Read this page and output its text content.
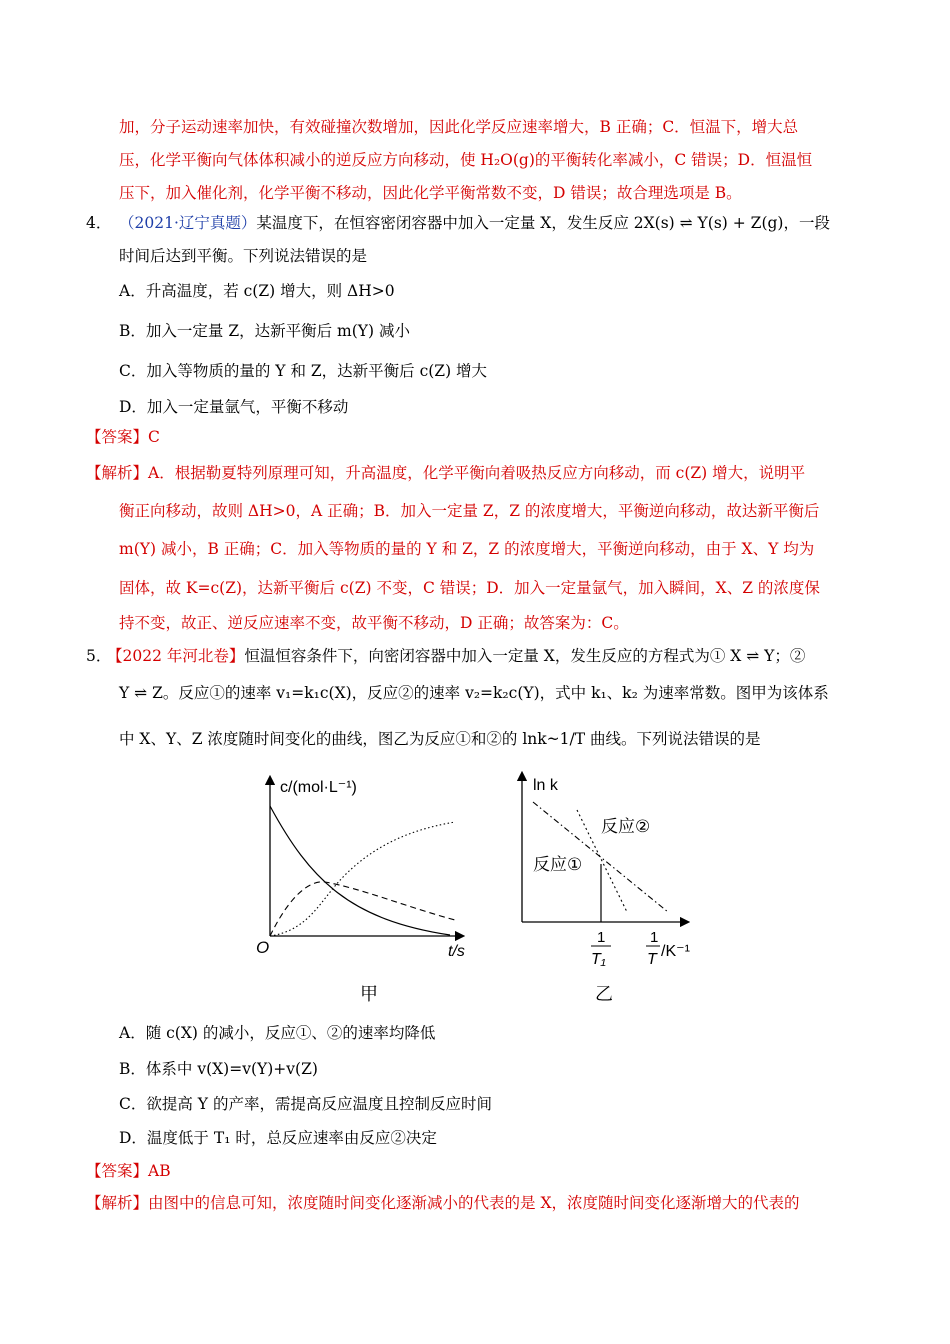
加，分子运动速率加快，有效碰撞次数增加，因此化学反应速率增大，B 正确；C．恒温下，增大总
压，化学平衡向气体体积减小的逆反应方向移动，使 H₂O(g)的平衡转化率减小，C 错误；D．恒温恒
压下，加入催化剂，化学平衡不移动，因此化学平衡常数不变，D 错误；故合理选项是 B。
4． （2021·辽宁真题）某温度下，在恒容密闭容器中加入一定量 X，发生反应 2X(s) ⇌ Y(s) + Z(g)，一段
时间后达到平衡。下列说法错误的是
A．升高温度，若 c(Z) 增大，则 ΔH>0
B．加入一定量 Z，达新平衡后 m(Y) 减小
C．加入等物质的量的 Y 和 Z，达新平衡后 c(Z) 增大
D．加入一定量氩气，平衡不移动
【答案】C
【解析】A．根据勒夏特列原理可知，升高温度，化学平衡向着吸热反应方向移动，而 c(Z) 增大，说明平
衡正向移动，故则 ΔH>0，A 正确；B．加入一定量 Z，Z 的浓度增大，平衡逆向移动，故达新平衡后
m(Y) 减小，B 正确；C．加入等物质的量的 Y 和 Z，Z 的浓度增大，平衡逆向移动，由于 X、Y 均为
固体，故 K=c(Z)，达新平衡后 c(Z) 不变，C 错误；D．加入一定量氩气，加入瞬间，X、Z 的浓度保
持不变，故正、逆反应速率不变，故平衡不移动，D 正确；故答案为：C。
5．
【2022 年河北卷】恒温恒容条件下，向密闭容器中加入一定量 X，发生反应的方程式为① X ⇌ Y；②
Y ⇌ Z。反应①的速率 v₁=k₁c(X)，反应②的速率 v₂=k₂c(Y)，式中 k₁、k₂ 为速率常数。图甲为该体系
中 X、Y、Z 浓度随时间变化的曲线，图乙为反应①和②的 lnk~1/T 曲线。下列说法错误的是
c/(mol·L⁻¹)
t/s
O
甲
ln k
反应②
反应①
1
T₁
1
T /K⁻¹
乙
A．随 c(X) 的减小，反应①、②的速率均降低
B．体系中 v(X)=v(Y)+v(Z)
C．欲提高 Y 的产率，需提高反应温度且控制反应时间
D．温度低于 T₁ 时，总反应速率由反应②决定
【答案】AB
【解析】由图中的信息可知，浓度随时间变化逐渐减小的代表的是 X，浓度随时间变化逐渐增大的代表的
